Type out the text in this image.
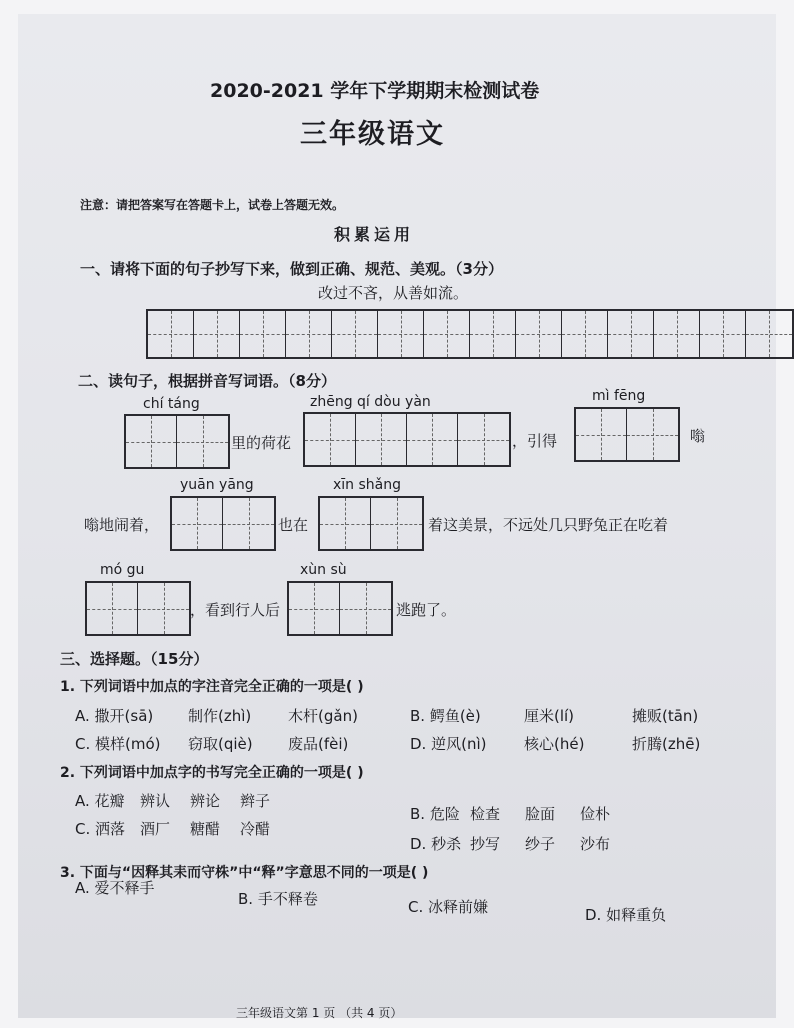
2020-2021 学年下学期期末检测试卷
三年级语文
注意：请把答案写在答题卡上，试卷上答题无效。
积累运用
一、请将下面的句子抄写下来，做到正确、规范、美观。（3分）
改过不吝，从善如流。
二、读句子，根据拼音写词语。（8分）
chí táng
里的荷花
zhēng qí dòu yàn
，引得
mì fēng
嗡
嗡地闹着，
yuān yāng
也在
xīn shǎng
着这美景，不远处几只野兔正在吃着
mó gu
，看到行人后
xùn sù
逃跑了。
三、选择题。（15分）
1. 下列词语中加点的字注音完全正确的一项是( )
A. 撒开(sā) 制作(zhì) 木杆(gǎn)	B. 鳄鱼(è)	厘米(lí)	摊贩(tān)
C. 模样(mó) 窃取(qiè) 废品(fèi)	D. 逆风(nì)	核心(hé)	折腾(zhē)
2. 下列词语中加点字的书写完全正确的一项是( )
A. 花瓣 辨认 辨论 辫子
B. 危险 检查 脸面 俭朴
C. 洒落 酒厂 糖醋 冷醋
D. 秒杀 抄写 纱子 沙布
3. 下面与“因释其耒而守株”中“释”字意思不同的一项是( )
A. 爱不释手
B. 手不释卷	C. 冰释前嫌	D. 如释重负
三年级语文第 1 页 （共 4 页）
